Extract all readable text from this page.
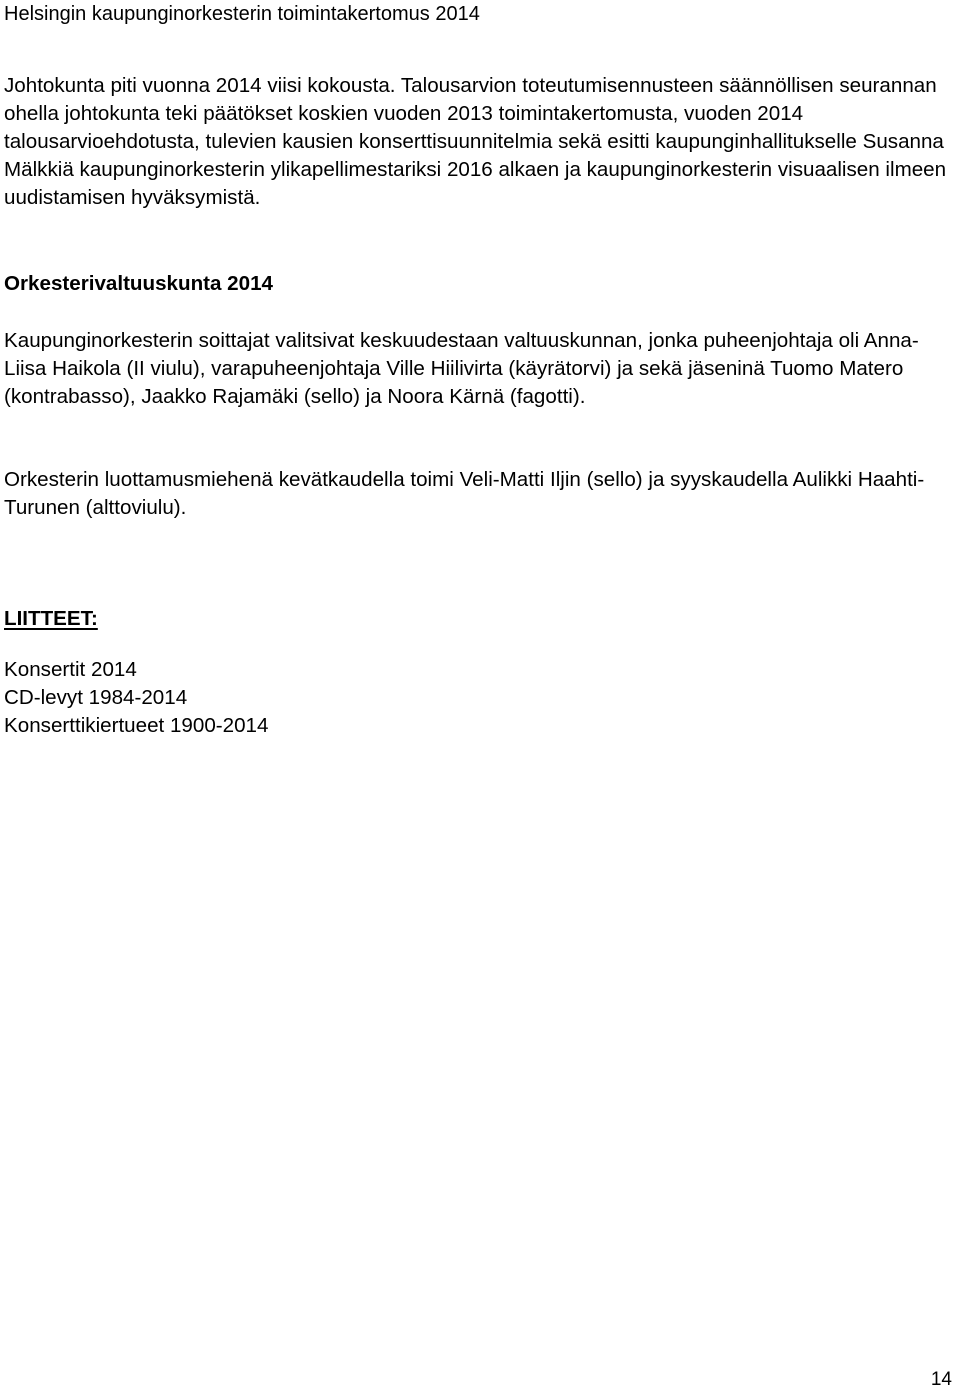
Helsingin kaupunginorkesterin toimintakertomus 2014

Johtokunta piti vuonna 2014 viisi kokousta. Talousarvion toteutumisennusteen säännöllisen seurannan ohella johtokunta teki päätökset koskien vuoden 2013 toimintakertomusta, vuoden 2014 talousarvioehdotusta, tulevien kausien konserttisuunnitelmia sekä esitti kaupunginhallitukselle Susanna Mälkkiä kaupunginorkesterin ylikapellimestariksi 2016 alkaen ja kaupunginorkesterin visuaalisen ilmeen uudistamisen hyväksymistä.

Orkesterivaltuuskunta 2014

Kaupunginorkesterin soittajat valitsivat keskuudestaan valtuuskunnan, jonka puheenjohtaja oli Anna-Liisa Haikola (II viulu), varapuheenjohtaja Ville Hiilivirta (käyrätorvi) ja sekä jäseninä Tuomo Matero (kontrabasso), Jaakko Rajamäki (sello) ja Noora Kärnä (fagotti).

Orkesterin luottamusmiehenä kevätkaudella toimi Veli-Matti Iljin (sello) ja syyskaudella Aulikki Haahti-Turunen (alttoviulu).

LIITTEET:
Konsertit 2014
CD-levyt 1984-2014
Konserttikiertueet 1900-2014
14
